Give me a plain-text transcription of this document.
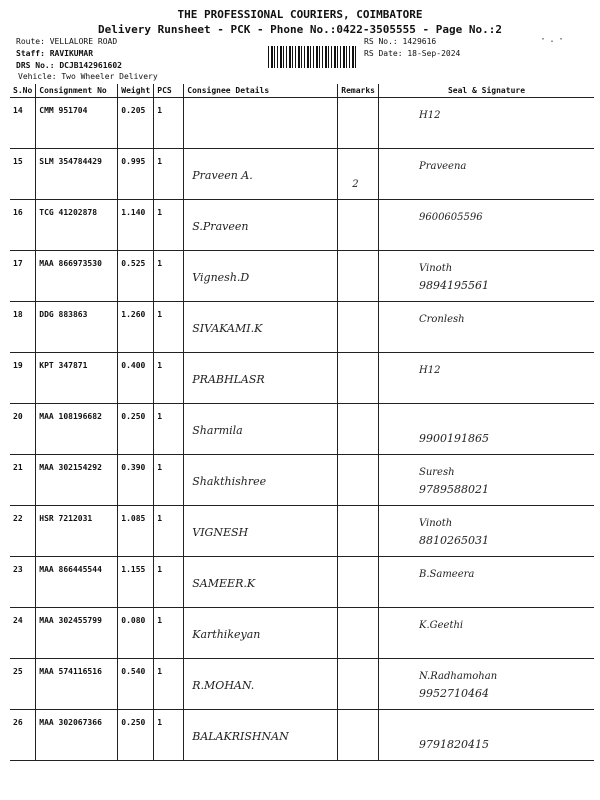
THE PROFESSIONAL COURIERS, COIMBATORE
Delivery Runsheet - PCK - Phone No.:0422-3505555 - Page No.:2
Route: VELLALORE ROAD
Staff: RAVIKUMAR
DRS No.: DCJB142961602
Vehicle: Two Wheeler Delivery
RS No.: 1429616
RS Date: 18-Sep-2024
·.·
S.No	Consignment No	Weight	PCS	Consignee Details	Remarks	Seal & Signature
14	CMM 951704	0.205	1			H12

15	SLM 354784429	0.995	1	Praveen A.	2	Praveena

16	TCG 41202878	1.140	1	S.Praveen		9600605596

17	MAA 866973530	0.525	1	Vignesh.D		Vinoth
9894195561

18	DDG 883863	1.260	1	SIVAKAMI.K		Cronlesh

19	KPT 347871	0.400	1	PRABHLASR		H12

20	MAA 108196682	0.250	1	Sharmila		9900191865

21	MAA 302154292	0.390	1	Shakthishree		Suresh
9789588021

22	HSR 7212031	1.085	1	VIGNESH		Vinoth
8810265031

23	MAA 866445544	1.155	1	SAMEER.K		B.Sameera

24	MAA 302455799	0.080	1	Karthikeyan		K.Geethi

25	MAA 574116516	0.540	1	R.MOHAN.		N.Radhamohan
9952710464

26	MAA 302067366	0.250	1	BALAKRISHNAN		9791820415
